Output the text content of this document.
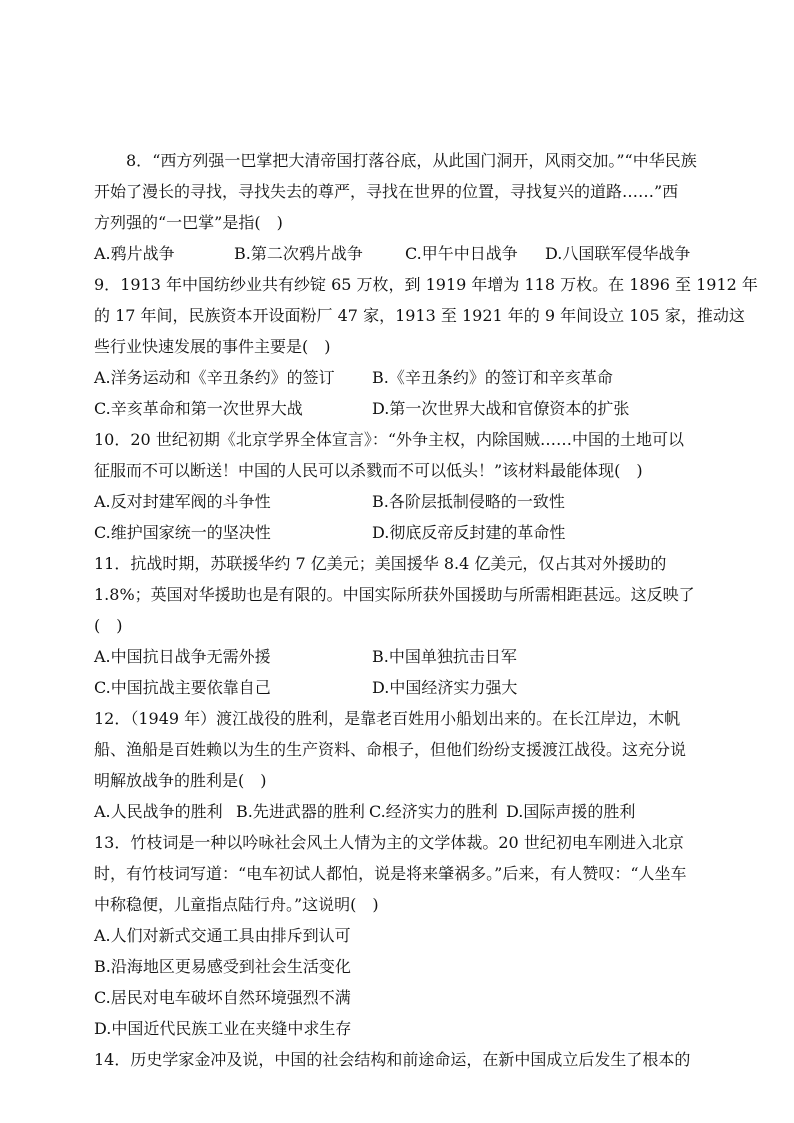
8．“西方列强一巴掌把大清帝国打落谷底，从此国门洞开，风雨交加。”“中华民族
开始了漫长的寻找，寻找失去的尊严，寻找在世界的位置，寻找复兴的道路……”西
方列强的“一巴掌”是指(　)
A.鸦片战争	B.第二次鸦片战争	C.甲午中日战争 D.八国联军侵华战争
9．1913 年中国纺纱业共有纱锭 65 万枚，到 1919 年增为 118 万枚。在 1896 至 1912 年
的 17 年间，民族资本开设面粉厂 47 家，1913 至 1921 年的 9 年间设立 105 家，推动这
些行业快速发展的事件主要是(　)
A.洋务运动和《辛丑条约》的签订 B.《辛丑条约》的签订和辛亥革命
C.辛亥革命和第一次世界大战	D.第一次世界大战和官僚资本的扩张
10．20 世纪初期《北京学界全体宣言》：“外争主权，内除国贼……中国的土地可以
征服而不可以断送！中国的人民可以杀戮而不可以低头！”该材料最能体现(　)
A.反对封建军阀的斗争性	B.各阶层抵制侵略的一致性
C.维护国家统一的坚决性	D.彻底反帝反封建的革命性
11．抗战时期，苏联援华约 7 亿美元；美国援华 8.4 亿美元，仅占其对外援助的
1.8%；英国对华援助也是有限的。中国实际所获外国援助与所需相距甚远。这反映了
(　)
A.中国抗日战争无需外援	B.中国单独抗击日军
C.中国抗战主要依靠自己	D.中国经济实力强大
12．（1949 年）渡江战役的胜利，是靠老百姓用小船划出来的。在长江岸边，木帆
船、渔船是百姓赖以为生的生产资料、命根子，但他们纷纷支援渡江战役。这充分说
明解放战争的胜利是(　)
A.人民战争的胜利 B.先进武器的胜利 C.经济实力的胜利 D.国际声援的胜利
13．竹枝词是一种以吟咏社会风土人情为主的文学体裁。20 世纪初电车刚进入北京
时，有竹枝词写道：“电车初试人都怕，说是将来肇祸多。”后来，有人赞叹：“人坐车
中称稳便，儿童指点陆行舟。”这说明(　)
A.人们对新式交通工具由排斥到认可
B.沿海地区更易感受到社会生活变化
C.居民对电车破坏自然环境强烈不满
D.中国近代民族工业在夹缝中求生存
14．历史学家金冲及说，中国的社会结构和前途命运，在新中国成立后发生了根本的
